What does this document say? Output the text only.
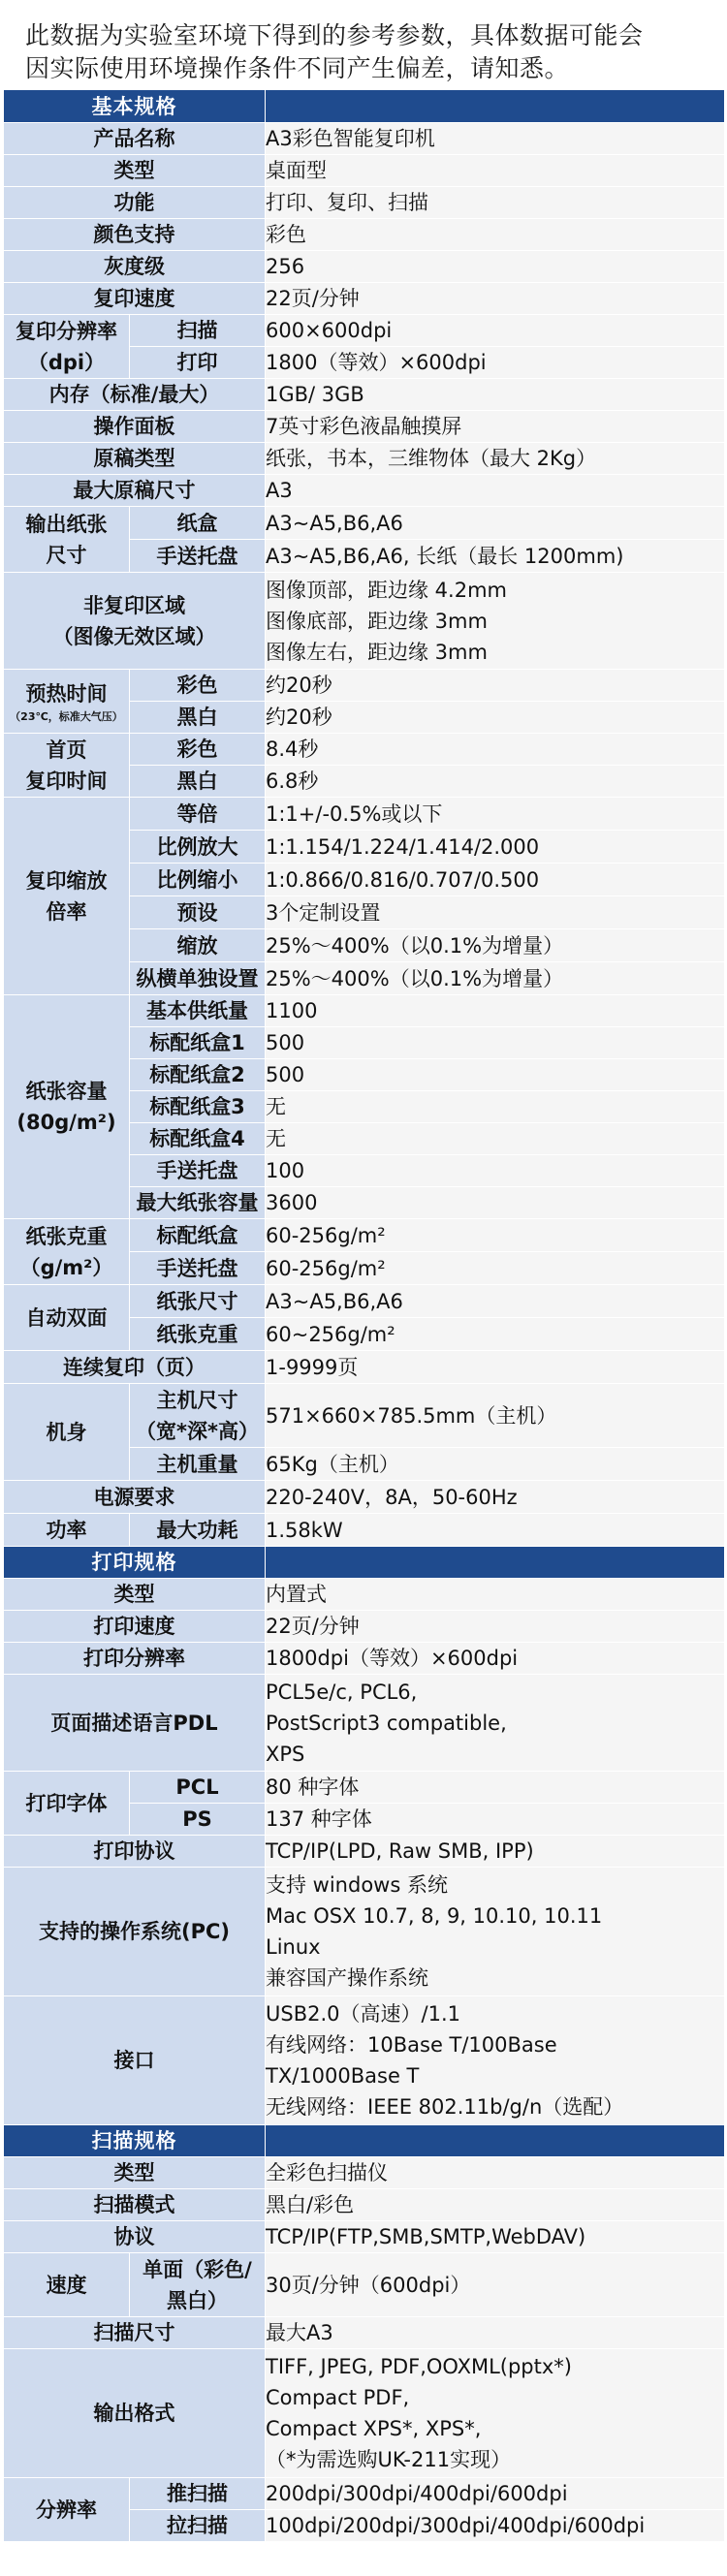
此数据为实验室环境下得到的参考参数，具体数据可能会
因实际使用环境操作条件不同产生偏差，请知悉。
基本规格		
产品名称		A3彩色智能复印机
类型		桌面型
功能		打印、复印、扫描
颜色支持		彩色
灰度级		256
复印速度		22页/分钟

复印分辨率
（dpi）	扫描	600×600dpi
	打印	1800（等效）×600dpi
内存（标准/最大）		1GB/ 3GB
操作面板		7英寸彩色液晶触摸屏
原稿类型		纸张，书本，三维物体（最大 2Kg）
最大原稿尺寸		A3

输出纸张
尺寸	纸盒	A3~A5,B6,A6
	手送托盘	A3~A5,B6,A6, 长纸（最长 1200mm)

非复印区域
（图像无效区域）		图像顶部，距边缘 4.2mm
图像底部，距边缘 3mm
图像左右，距边缘 3mm

预热时间
（23℃，标准大气压）	彩色	约20秒
	黑白	约20秒

首页
复印时间	彩色	8.4秒
	黑白	6.8秒

复印缩放
倍率	等倍	1:1+/-0.5%或以下
	比例放大	1:1.154/1.224/1.414/2.000
	比例缩小	1:0.866/0.816/0.707/0.500
	预设	3个定制设置
	缩放	25%～400%（以0.1%为增量）
	纵横单独设置	25%～400%（以0.1%为增量）

纸张容量
(80g/m²)	基本供纸量	1100
	标配纸盒1	500
	标配纸盒2	500
	标配纸盒3	无
	标配纸盒4	无
	手送托盘	100
	最大纸张容量	3600

纸张克重
（g/m²）	标配纸盒	60-256g/m²
	手送托盘	60-256g/m²
自动双面	纸张尺寸	A3~A5,B6,A6
	纸张克重	60~256g/m²
连续复印（页）		1-9999页
机身	主机尺寸
（宽*深*高）	571×660×785.5mm（主机）
	主机重量	65Kg（主机）
电源要求		220-240V，8A，50-60Hz
功率	最大功耗	1.58kW
打印规格		
类型		内置式
打印速度		22页/分钟
打印分辨率		1800dpi（等效）×600dpi
页面描述语言PDL		PCL5e/c, PCL6,
PostScript3 compatible,
XPS

打印字体	PCL	80 种字体
	PS	137 种字体
打印协议		TCP/IP(LPD, Raw SMB, IPP)
支持的操作系统(PC)		支持 windows 系统
Mac OSX 10.7, 8, 9, 10.10, 10.11
Linux
兼容国产操作系统

接口		USB2.0（高速）/1.1
有线网络：10Base T/100Base
TX/1000Base T
无线网络：IEEE 802.11b/g/n（选配）

扫描规格		
类型		全彩色扫描仪
扫描模式		黑白/彩色
协议		TCP/IP(FTP,SMB,SMTP,WebDAV)
速度	单面（彩色/
黑白）	30页/分钟（600dpi）
扫描尺寸		最大A3
输出格式		TIFF, JPEG, PDF,OOXML(pptx*)
Compact PDF,
Compact XPS*, XPS*,
（*为需选购UK-211实现）

分辨率	推扫描	200dpi/300dpi/400dpi/600dpi
	拉扫描	100dpi/200dpi/300dpi/400dpi/600dpi
